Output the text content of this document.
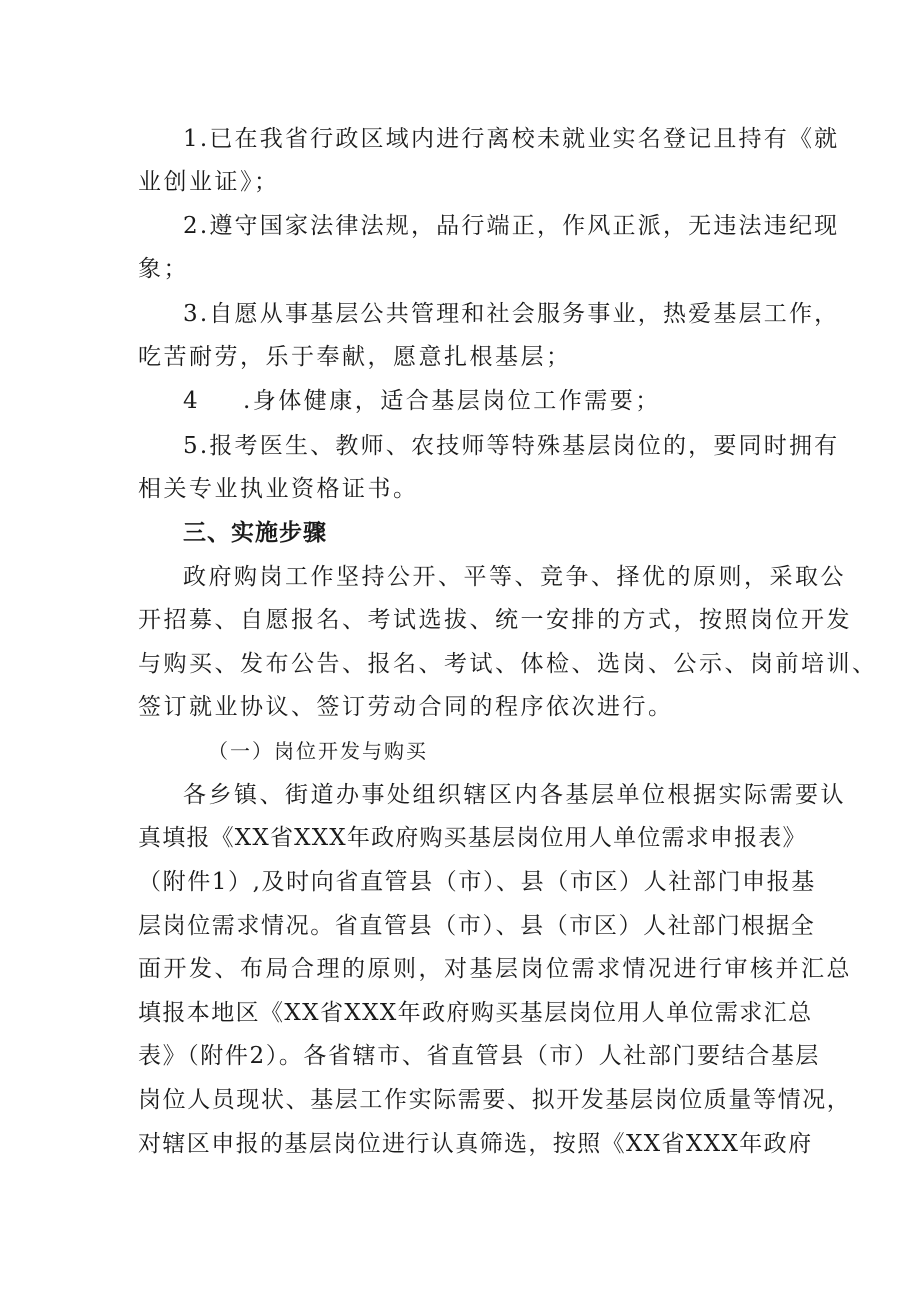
1.已在我省行政区域内进行离校未就业实名登记且持有《就
业创业证》；
2.遵守国家法律法规，品行端正，作风正派，无违法违纪现
象；
3.自愿从事基层公共管理和社会服务事业，热爱基层工作，
吃苦耐劳，乐于奉献，愿意扎根基层；
4 .身体健康，适合基层岗位工作需要；
5.报考医生、教师、农技师等特殊基层岗位的，要同时拥有
相关专业执业资格证书。
三、实施步骤
政府购岗工作坚持公开、平等、竞争、择优的原则，采取公
开招募、自愿报名、考试选拔、统一安排的方式，按照岗位开发
与购买、发布公告、报名、考试、体检、选岗、公示、岗前培训、
签订就业协议、签订劳动合同的程序依次进行。
（一）岗位开发与购买
各乡镇、街道办事处组织辖区内各基层单位根据实际需要认
真填报《XX省XXX年政府购买基层岗位用人单位需求申报表》
（附件1）,及时向省直管县（市）、县（市区）人社部门申报基
层岗位需求情况。省直管县（市）、县（市区）人社部门根据全
面开发、布局合理的原则，对基层岗位需求情况进行审核并汇总
填报本地区《XX省XXX年政府购买基层岗位用人单位需求汇总
表》（附件2）。各省辖市、省直管县（市）人社部门要结合基层
岗位人员现状、基层工作实际需要、拟开发基层岗位质量等情况，
对辖区申报的基层岗位进行认真筛选，按照《XX省XXX年政府
